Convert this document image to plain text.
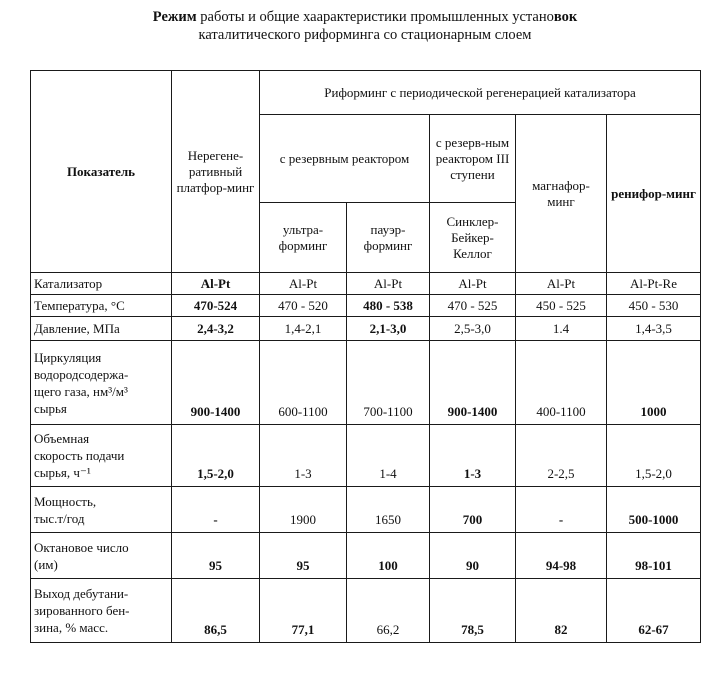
Режим работы и общие хаарактеристики промышленных установок
каталитического риформинга со стационарным слоем
Показатель	Нерегене-ративный платфор-минг	Риформинг с периодической регенерацией катализатора				
		с резервным реактором		с резерв-ным реактором III ступени	магнафор-минг	ренифор-минг
		ультра-форминг	пауэр-форминг	Синклер-Бейкер-Келлог		
Катализатор	Al-Pt	Al-Pt	Al-Pt	Al-Pt	Al-Pt	Al-Pt-Re
Температура, °C	470-524	470 - 520	480 - 538	470 - 525	450 - 525	450 - 530
Давление, МПа	2,4-3,2	1,4-2,1	2,1-3,0	2,5-3,0	1.4	1,4-3,5

Циркуляция
водородсодержа-
щего газа, нм³/м³
сырья	900-1400	600-1100	700-1100	900-1400	400-1100	1000

Объемная
скорость подачи
сырья, ч⁻¹	1,5-2,0	1-3	1-4	1-3	2-2,5	1,5-2,0

Мощность,
тыс.т/год	-	1900	1650	700	-	500-1000

Октановое число
(им)	95	95	100	90	94-98	98-101

Выход дебутани-
зированного бен-
зина, % масс.	86,5	77,1	66,2	78,5	82	62-67
